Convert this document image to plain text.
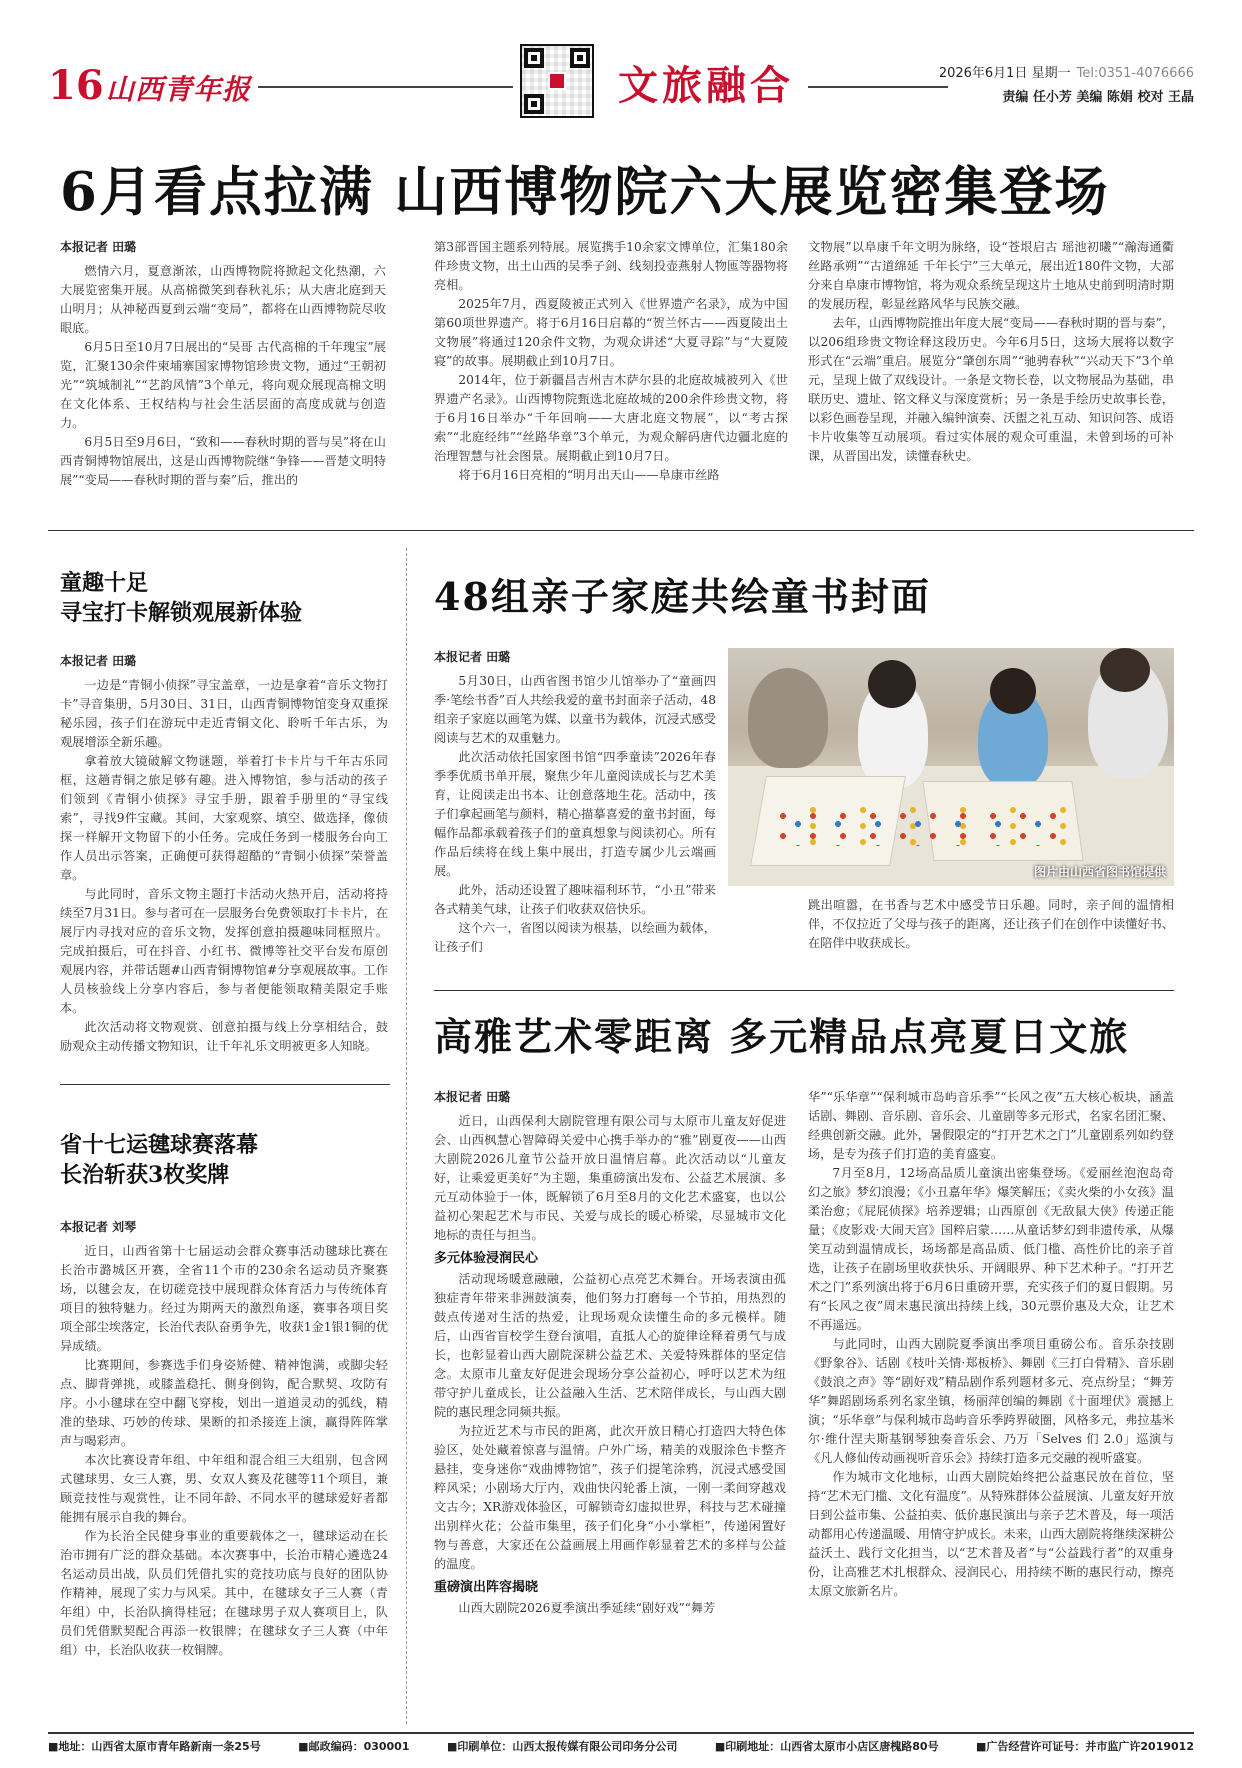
16 山西青年报	文旅融合	2026年6月1日 星期一 Tel:0351-4076666
责编 任小芳 美编 陈娟 校对 王晶
6月看点拉满 山西博物院六大展览密集登场
本报记者 田璐

燃情六月，夏意渐浓，山西博物院将掀起文化热潮，六大展览密集开展。从高棉微笑到春秋礼乐；从大唐北庭到天山明月；从神秘西夏到云端“变局”，都将在山西博物院尽收眼底。

6月5日至10月7日展出的“吴哥 古代高棉的千年瑰宝”展览，汇聚130余件柬埔寨国家博物馆珍贵文物，通过“王朝初光”“筑城制礼”“艺韵风情”3个单元，将向观众展现高棉文明在文化体系、王权结构与社会生活层面的高度成就与创造力。

6月5日至9月6日，“致和——春秋时期的晋与吴”将在山西青铜博物馆展出，这是山西博物院继“争锋——晋楚文明特展”“变局——春秋时期的晋与秦”后，推出的

第3部晋国主题系列特展。展览携手10余家文博单位，汇集180余件珍贵文物，出土山西的吴季子剑、线刻投壶燕射人物匜等器物将亮相。

2025年7月，西夏陵被正式列入《世界遗产名录》，成为中国第60项世界遗产。将于6月16日启幕的“贺兰怀古——西夏陵出土文物展”将通过120余件文物，为观众讲述“大夏寻踪”与“大夏陵寝”的故事。展期截止到10月7日。

2014年，位于新疆昌吉州吉木萨尔县的北庭故城被列入《世界遗产名录》。山西博物院甄选北庭故城的200余件珍贵文物，将于6月16日举办“千年回响——大唐北庭文物展”，以“考古探索”“北庭经纬”“丝路华章”3个单元，为观众解码唐代边疆北庭的治理智慧与社会图景。展期截止到10月7日。

将于6月16日亮相的“明月出天山——阜康市丝路

文物展”以阜康千年文明为脉络，设“苍垠启古 瑶池初曦”“瀚海通衢 丝路承朔”“古道绵延 千年长宁”三大单元，展出近180件文物，大部分来自阜康市博物馆，将为观众系统呈现这片土地从史前到明清时期的发展历程，彰显丝路风华与民族交融。

去年，山西博物院推出年度大展“变局——春秋时期的晋与秦”，以206组珍贵文物诠释这段历史。今年6月5日，这场大展将以数字形式在“云端”重启。展览分“肇创东周”“驰骋春秋”“兴动天下”3个单元，呈现上做了双线设计。一条是文物长卷，以文物展品为基础，串联历史、遗址、铭文释义与深度赏析；另一条是手绘历史故事长卷，以彩色画卷呈现，并融入编钟演奏、沃盥之礼互动、知识问答、成语卡片收集等互动展项。看过实体展的观众可重温，未曾到场的可补课，从晋国出发，读懂春秋史。

童趣十足
寻宝打卡解锁观展新体验
本报记者 田璐

一边是“青铜小侦探”寻宝盖章，一边是拿着“音乐文物打卡”寻音集册，5月30日、31日，山西青铜博物馆变身双重探秘乐园，孩子们在游玩中走近青铜文化、聆听千年古乐，为观展增添全新乐趣。

拿着放大镜破解文物谜题，举着打卡卡片与千年古乐同框，这趟青铜之旅足够有趣。进入博物馆，参与活动的孩子们领到《青铜小侦探》寻宝手册，跟着手册里的“寻宝线索”，寻找9件宝藏。其间，大家观察、填空、做选择，像侦探一样解开文物留下的小任务。完成任务到一楼服务台向工作人员出示答案，正确便可获得超酷的“青铜小侦探”荣誉盖章。

与此同时，音乐文物主题打卡活动火热开启，活动将持续至7月31日。参与者可在一层服务台免费领取打卡卡片，在展厅内寻找对应的音乐文物，发挥创意拍摄趣味同框照片。完成拍摄后，可在抖音、小红书、微博等社交平台发布原创观展内容，并带话题#山西青铜博物馆#分享观展故事。工作人员核验线上分享内容后，参与者便能领取精美限定手账本。

此次活动将文物观赏、创意拍摄与线上分享相结合，鼓励观众主动传播文物知识，让千年礼乐文明被更多人知晓。

省十七运毽球赛落幕
长治斩获3枚奖牌
本报记者 刘琴

近日，山西省第十七届运动会群众赛事活动毽球比赛在长治市潞城区开赛，全省11个市的230余名运动员齐聚赛场，以毽会友，在切磋竞技中展现群众体育活力与传统体育项目的独特魅力。经过为期两天的激烈角逐，赛事各项目奖项全部尘埃落定，长治代表队奋勇争先，收获1金1银1铜的优异成绩。

比赛期间，参赛选手们身姿矫健、精神饱满，或脚尖轻点、脚背弹挑，或膝盖稳托、侧身倒钩，配合默契、攻防有序。小小毽球在空中翻飞穿梭，划出一道道灵动的弧线，精准的垫球、巧妙的传球、果断的扣杀接连上演，赢得阵阵掌声与喝彩声。

本次比赛设青年组、中年组和混合组三大组别，包含网式毽球男、女三人赛，男、女双人赛及花毽等11个项目，兼顾竞技性与观赏性，让不同年龄、不同水平的毽球爱好者都能拥有展示自我的舞台。

作为长治全民健身事业的重要载体之一，毽球运动在长治市拥有广泛的群众基础。本次赛事中，长治市精心遴选24名运动员出战，队员们凭借扎实的竞技功底与良好的团队协作精神，展现了实力与风采。其中，在毽球女子三人赛（青年组）中，长治队摘得桂冠；在毽球男子双人赛项目上，队员们凭借默契配合再添一枚银牌；在毽球女子三人赛（中年组）中，长治队收获一枚铜牌。

48组亲子家庭共绘童书封面
本报记者 田璐

5月30日，山西省图书馆少儿馆举办了“童画四季·笔绘书香”百人共绘我爱的童书封面亲子活动，48组亲子家庭以画笔为媒、以童书为载体，沉浸式感受阅读与艺术的双重魅力。

此次活动依托国家图书馆“四季童读”2026年春季季优质书单开展，聚焦少年儿童阅读成长与艺术美育，让阅读走出书本、让创意落地生花。活动中，孩子们拿起画笔与颜料，精心描摹喜爱的童书封面，每幅作品都承载着孩子们的童真想象与阅读初心。所有作品后续将在线上集中展出，打造专属少儿云端画展。

此外，活动还设置了趣味福利环节，“小丑”带来各式精美气球，让孩子们收获双倍快乐。

这个六一，省图以阅读为根基，以绘画为载体，让孩子们

图片由山西省图书馆提供

跳出喧嚣，在书香与艺术中感受节日乐趣。同时，亲子间的温情相伴，不仅拉近了父母与孩子的距离，还让孩子们在创作中读懂好书、在陪伴中收获成长。

高雅艺术零距离 多元精品点亮夏日文旅
本报记者 田璐

近日，山西保利大剧院管理有限公司与太原市儿童友好促进会、山西枫慧心智障碍关爱中心携手举办的“雅”剧夏夜——山西大剧院2026儿童节公益开放日温情启幕。此次活动以“儿童友好，让乘爱更美好”为主题，集重磅演出发布、公益艺术展演、多元互动体验于一体，既解锁了6月至8月的文化艺术盛宴，也以公益初心架起艺术与市民、关爱与成长的暖心桥梁，尽显城市文化地标的责任与担当。

多元体验浸润民心

活动现场暖意融融，公益初心点亮艺术舞台。开场表演由孤独症青年带来非洲鼓演奏，他们努力打磨每一个节拍，用热烈的鼓点传递对生活的热爱，让现场观众读懂生命的多元模样。随后，山西省盲校学生登台演唱，直抵人心的旋律诠释着勇气与成长，也彰显着山西大剧院深耕公益艺术、关爱特殊群体的坚定信念。太原市儿童友好促进会现场分享公益初心，呼吁以艺术为纽带守护儿童成长，让公益融入生活、艺术陪伴成长，与山西大剧院的惠民理念同频共振。

为拉近艺术与市民的距离，此次开放日精心打造四大特色体验区，处处藏着惊喜与温情。户外广场，精美的戏服涂色卡整齐悬挂，变身迷你“戏曲博物馆”，孩子们提笔涂鸦，沉浸式感受国粹风采；小剧场大厅内，戏曲快闪轮番上演，一刚一柔间穿越戏文古今；XR游戏体验区，可解锁奇幻虚拟世界，科技与艺术碰撞出别样火花；公益市集里，孩子们化身“小小掌柜”，传递闲置好物与善意，大家还在公益画展上用画作彰显着艺术的多样与公益的温度。

重磅演出阵容揭晓

山西大剧院2026夏季演出季延续“剧好戏”“舞芳

华”“乐华章”“保利城市岛屿音乐季”“长风之夜”五大核心板块，涵盖话剧、舞剧、音乐剧、音乐会、儿童剧等多元形式，名家名团汇聚、经典创新交融。此外，暑假限定的“打开艺术之门”儿童剧系列如约登场，是专为孩子们打造的美育盛宴。

7月至8月，12场高品质儿童演出密集登场。《爱丽丝泡泡岛奇幻之旅》梦幻浪漫；《小丑嘉年华》爆笑解压；《卖火柴的小女孩》温柔治愈；《屁屁侦探》培养逻辑；山西原创《无敌鼠大侠》传递正能量；《皮影戏·大闹天宫》国粹启蒙……从童话梦幻到非遗传承，从爆笑互动到温情成长，场场都是高品质、低门槛、高性价比的亲子首选，让孩子在剧场里收获快乐、开阔眼界、种下艺术种子。“打开艺术之门”系列演出将于6月6日重磅开票，充实孩子们的夏日假期。另有“长风之夜”周末惠民演出持续上线，30元票价惠及大众，让艺术不再遥远。

与此同时，山西大剧院夏季演出季项目重磅公布。音乐杂技剧《野象谷》、话剧《枝叶关情·郑板桥》、舞剧《三打白骨精》、音乐剧《鼓浪之声》等“剧好戏”精品剧作系列题材多元、亮点纷呈；“舞芳华”舞蹈剧场系列名家坐镇，杨丽萍创编的舞剧《十面埋伏》震撼上演；“乐华章”与保利城市岛屿音乐季跨界破圈，风格多元，弗拉基米尔·维什涅夫斯基钢琴独奏音乐会、乃万「Selves 们 2.0」巡演与《凡人修仙传动画视听音乐会》持续打造多元交融的视听盛宴。

作为城市文化地标，山西大剧院始终把公益惠民放在首位，坚持“艺术无门槛、文化有温度”。从特殊群体公益展演、儿童友好开放日到公益市集、公益拍卖、低价惠民演出与亲子艺术普及，每一项活动都用心传递温暖、用情守护成长。未来，山西大剧院将继续深耕公益沃土、践行文化担当，以“艺术普及者”与“公益践行者”的双重身份，让高雅艺术扎根群众、浸润民心，用持续不断的惠民行动，擦亮太原文旅新名片。

■地址：山西省太原市青年路新南一条25号	■邮政编码：030001	■印刷单位：山西太报传媒有限公司印务分公司	■印刷地址：山西省太原市小店区唐槐路80号	■广告经营许可证号：并市监广许2019012
